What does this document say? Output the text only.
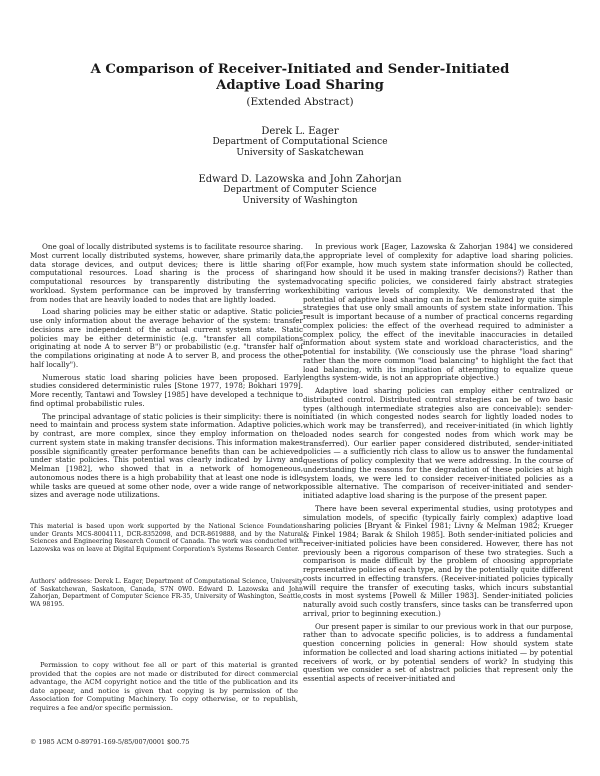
A Comparison of Receiver-Initiated and Sender-Initiated
Adaptive Load Sharing
(Extended Abstract)
Derek L. Eager
Department of Computational Science
University of Saskatchewan
Edward D. Lazowska and John Zahorjan
Department of Computer Science
University of Washington

One goal of locally distributed systems is to facilitate resource sharing. Most current locally distributed systems, however, share primarily data, data storage devices, and output devices; there is little sharing of computational resources. Load sharing is the process of sharing computational resources by transparently distributing the system workload. System performance can be improved by transferring work from nodes that are heavily loaded to nodes that are lightly loaded.

Load sharing policies may be either static or adaptive. Static policies use only information about the average behavior of the system: transfer decisions are independent of the actual current system state. Static policies may be either deterministic (e.g. "transfer all compilations originating at node A to server B") or probabilistic (e.g. "transfer half of the compilations originating at node A to server B, and process the other half locally").

Numerous static load sharing policies have been proposed. Early studies considered deterministic rules [Stone 1977, 1978; Bokhari 1979]. More recently, Tantawi and Towsley [1985] have developed a technique to find optimal probabilistic rules.

The principal advantage of static policies is their simplicity: there is no need to maintain and process system state information. Adaptive policies, by contrast, are more complex, since they employ information on the current system state in making transfer decisions. This information makes possible significantly greater performance benefits than can be achieved under static policies. This potential was clearly indicated by Livny and Melman [1982], who showed that in a network of homogeneous, autonomous nodes there is a high probability that at least one node is idle while tasks are queued at some other node, over a wide range of network sizes and average node utilizations.

This material is based upon work supported by the National Science Foundation under Grants MCS-8004111, DCR-8352098, and DCR-8619888, and by the Natural Sciences and Engineering Research Council of Canada. The work was conducted with Lazowska was on leave at Digital Equipment Corporation's Systems Research Center.

Authors' addresses: Derek L. Eager, Department of Computational Science, University of Saskatchewan, Saskatoon, Canada, S7N 0W0. Edward D. Lazowska and John Zahorjan, Department of Computer Science FR-35, University of Washington, Seattle, WA 98195.

Permission to copy without fee all or part of this material is granted provided that the copies are not made or distributed for direct commercial advantage, the ACM copyright notice and the title of the publication and its date appear, and notice is given that copying is by permission of the Association for Computing Machinery. To copy otherwise, or to republish, requires a fee and/or specific permission.

© 1985 ACM 0-89791-169-5/85/007/0001 $00.75

In previous work [Eager, Lazowska & Zahorjan 1984] we considered the appropriate level of complexity for adaptive load sharing policies. (For example, how much system state information should be collected, and how should it be used in making transfer decisions?) Rather than advocating specific policies, we considered fairly abstract strategies exhibiting various levels of complexity. We demonstrated that the potential of adaptive load sharing can in fact be realized by quite simple strategies that use only small amounts of system state information. This result is important because of a number of practical concerns regarding complex policies: the effect of the overhead required to administer a complex policy, the effect of the inevitable inaccuracies in detailed information about system state and workload characteristics, and the potential for instability. (We consciously use the phrase "load sharing" rather than the more common "load balancing" to highlight the fact that load balancing, with its implication of attempting to equalize queue lengths system-wide, is not an appropriate objective.)

Adaptive load sharing policies can employ either centralized or distributed control. Distributed control strategies can be of two basic types (although intermediate strategies also are conceivable): sender-initiated (in which congested nodes search for lightly loaded nodes to which work may be transferred), and receiver-initiated (in which lightly loaded nodes search for congested nodes from which work may be transferred). Our earlier paper considered distributed, sender-initiated policies — a sufficiently rich class to allow us to answer the fundamental questions of policy complexity that we were addressing. In the course of understanding the reasons for the degradation of these policies at high system loads, we were led to consider receiver-initiated policies as a possible alternative. The comparison of receiver-initiated and sender-initiated adaptive load sharing is the purpose of the present paper.

There have been several experimental studies, using prototypes and simulation models, of specific (typically fairly complex) adaptive load sharing policies [Bryant & Finkel 1981; Livny & Melman 1982; Krueger & Finkel 1984; Barak & Shiloh 1985]. Both sender-initiated policies and receiver-initiated policies have been considered. However, there has not previously been a rigorous comparison of these two strategies. Such a comparison is made difficult by the problem of choosing appropriate representative policies of each type, and by the potentially quite different costs incurred in effecting transfers. (Receiver-initiated policies typically will require the transfer of executing tasks, which incurs substantial costs in most systems [Powell & Miller 1983]. Sender-initiated policies naturally avoid such costly transfers, since tasks can be transferred upon arrival, prior to beginning execution.)

Our present paper is similar to our previous work in that our purpose, rather than to advocate specific policies, is to address a fundamental question concerning policies in general: How should system state information be collected and load sharing actions initiated — by potential receivers of work, or by potential senders of work? In studying this question we consider a set of abstract policies that represent only the essential aspects of receiver-initiated and
